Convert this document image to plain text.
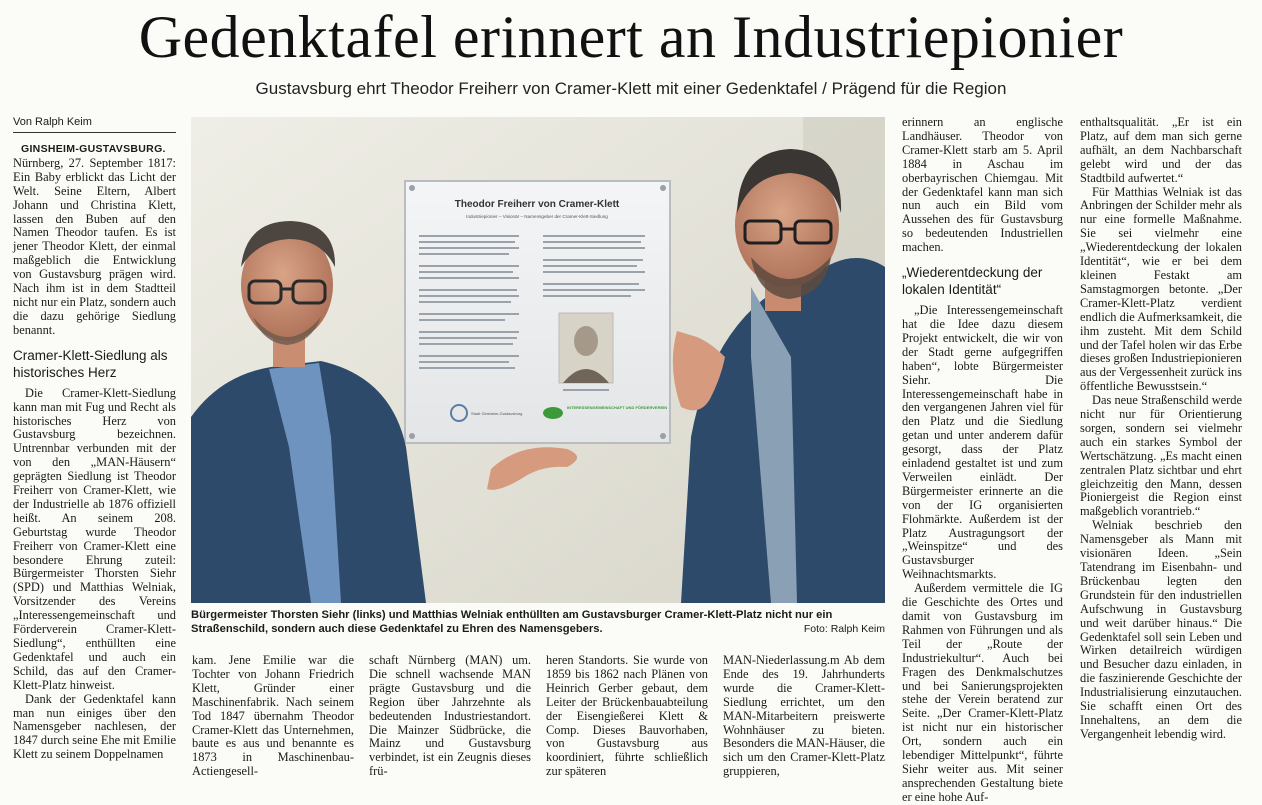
Gedenktafel erinnert an Industriepionier
Gustavsburg ehrt Theodor Freiherr von Cramer-Klett mit einer Gedenktafel / Prägend für die Region
Von Ralph Keim

GINSHEIM-GUSTAVSBURG.
Nürnberg, 27. September 1817: Ein Baby erblickt das Licht der Welt. Seine Eltern, Albert Johann und Christina Klett, lassen den Buben auf den Namen Theodor taufen. Es ist jener Theodor Klett, der einmal maßgeblich die Entwicklung von Gustavsburg prägen wird. Nach ihm ist in dem Stadtteil nicht nur ein Platz, sondern auch die dazu gehörige Siedlung benannt.

Cramer-Klett-Siedlung als historisches Herz

Die Cramer-Klett-Siedlung kann man mit Fug und Recht als historisches Herz von Gustavsburg bezeichnen. Untrennbar verbunden mit der von den „MAN-Häusern“ geprägten Siedlung ist Theodor Freiherr von Cramer-Klett, wie der Industrielle ab 1876 offiziell heißt. An seinem 208. Geburtstag wurde Theodor Freiherr von Cramer-Klett eine besondere Ehrung zuteil: Bürgermeister Thorsten Siehr (SPD) und Matthias Welniak, Vorsitzender des Vereins „Interessengemeinschaft und Förderverein Cramer-Klett-Siedlung“, enthüllten eine Gedenktafel und auch ein Schild, das auf den Cramer-Klett-Platz hinweist.

Dank der Gedenktafel kann man nun einiges über den Namensgeber nachlesen, der 1847 durch seine Ehe mit Emilie Klett zu seinem Doppelnamen

Theodor Freiherr von Cramer-Klett
Industriepionier – Visionär – Namensgeber der Cramer-Klett-Siedlung
Stadt Ginsheim-Gustavsburg
INTERESSENGEMEINSCHAFT UND FÖRDERVEREIN
Bürgermeister Thorsten Siehr (links) und Matthias Welniak enthüllten am Gustavsburger Cramer-Klett-Platz nicht nur ein Straßenschild, sondern auch diese Gedenktafel zu Ehren des Namensgebers.	Foto: Ralph Keim

kam. Jene Emilie war die Tochter von Johann Friedrich Klett, Gründer einer Maschinenfabrik. Nach seinem Tod 1847 übernahm Theodor Cramer-Klett das Unternehmen, baute es aus und benannte es 1873 in Maschinenbau-Actiengesell-

schaft Nürnberg (MAN) um. Die schnell wachsende MAN prägte Gustavsburg und die Region über Jahrzehnte als bedeutenden Industriestandort. Die Mainzer Südbrücke, die Mainz und Gustavsburg verbindet, ist ein Zeugnis dieses frü-

heren Standorts. Sie wurde von 1859 bis 1862 nach Plänen von Heinrich Gerber gebaut, dem Leiter der Brückenbauabteilung der Eisengießerei Klett & Comp. Dieses Bauvorhaben, von Gustavsburg aus koordiniert, führte schließlich zur späteren

MAN-Niederlassung.m Ab dem Ende des 19. Jahrhunderts wurde die Cramer-Klett-Siedlung errichtet, um den MAN-Mitarbeitern preiswerte Wohnhäuser zu bieten. Besonders die MAN-Häuser, die sich um den Cramer-Klett-Platz gruppieren,

erinnern an englische Landhäuser. Theodor von Cramer-Klett starb am 5. April 1884 in Aschau im oberbayrischen Chiemgau. Mit der Gedenktafel kann man sich nun auch ein Bild vom Aussehen des für Gustavsburg so bedeutenden Industriellen machen.

„Wiederentdeckung der lokalen Identität“

„Die Interessengemeinschaft hat die Idee dazu diesem Projekt entwickelt, die wir von der Stadt gerne aufgegriffen haben“, lobte Bürgermeister Siehr. Die Interessengemeinschaft habe in den vergangenen Jahren viel für den Platz und die Siedlung getan und unter anderem dafür gesorgt, dass der Platz einladend gestaltet ist und zum Verweilen einlädt. Der Bürgermeister erinnerte an die von der IG organisierten Flohmärkte. Außerdem ist der Platz Austragungsort der „Weinspitze“ und des Gustavsburger Weihnachtsmarkts.

Außerdem vermittele die IG die Geschichte des Ortes und damit von Gustavsburg im Rahmen von Führungen und als Teil der „Route der Industriekultur“. Auch bei Fragen des Denkmalschutzes und bei Sanierungsprojekten stehe der Verein beratend zur Seite. „Der Cramer-Klett-Platz ist nicht nur ein historischer Ort, sondern auch ein lebendiger Mittelpunkt“, führte Siehr weiter aus. Mit seiner ansprechenden Gestaltung biete er eine hohe Auf-

enthaltsqualität. „Er ist ein Platz, auf dem man sich gerne aufhält, an dem Nachbarschaft gelebt wird und der das Stadtbild aufwertet.“

Für Matthias Welniak ist das Anbringen der Schilder mehr als nur eine formelle Maßnahme. Sie sei vielmehr eine „Wiederentdeckung der lokalen Identität“, wie er bei dem kleinen Festakt am Samstagmorgen betonte. „Der Cramer-Klett-Platz verdient endlich die Aufmerksamkeit, die ihm zusteht. Mit dem Schild und der Tafel holen wir das Erbe dieses großen Industriepionieren aus der Vergessenheit zurück ins öffentliche Bewusstsein.“

Das neue Straßenschild werde nicht nur für Orientierung sorgen, sondern sei vielmehr auch ein starkes Symbol der Wertschätzung. „Es macht einen zentralen Platz sichtbar und ehrt gleichzeitig den Mann, dessen Pioniergeist die Region einst maßgeblich vorantrieb.“

Welniak beschrieb den Namensgeber als Mann mit visionären Ideen. „Sein Tatendrang im Eisenbahn- und Brückenbau legten den Grundstein für den industriellen Aufschwung in Gustavsburg und weit darüber hinaus.“ Die Gedenktafel soll sein Leben und Wirken detailreich würdigen und Besucher dazu einladen, in die faszinierende Geschichte der Industrialisierung einzutauchen. Sie schafft einen Ort des Innehaltens, an dem die Vergangenheit lebendig wird.
